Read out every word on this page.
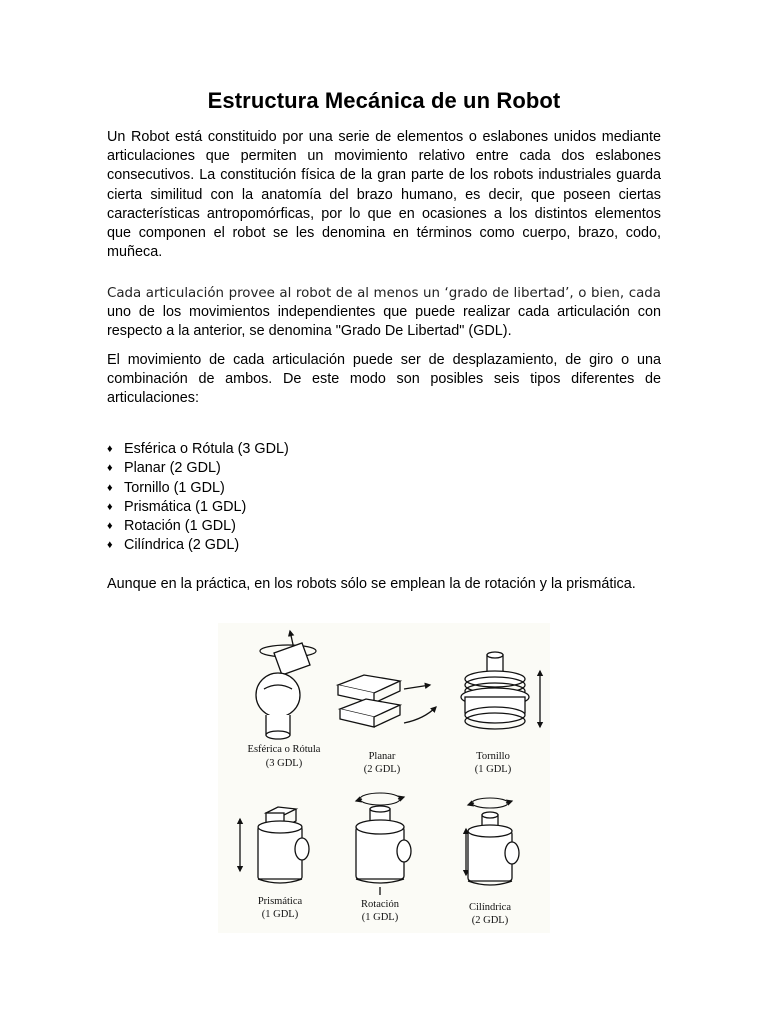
Estructura Mecánica de un Robot

Un Robot está constituido por una serie de elementos o eslabones unidos mediante
articulaciones que permiten un movimiento relativo entre cada dos eslabones
consecutivos. La constitución física de la gran parte de los robots industriales guarda
cierta similitud con la anatomía del brazo humano, es decir, que poseen ciertas
características antropomórficas, por lo que en ocasiones a los distintos elementos
que componen el robot se les denomina en términos como cuerpo, brazo, codo,
muñeca.

Cada articulación provee al robot de al menos un ‘grado de libertad’, o bien, cada
uno de los movimientos independientes que puede realizar cada articulación con
respecto a la anterior, se denomina "Grado De Libertad" (GDL).

El movimiento de cada articulación puede ser de desplazamiento, de giro o una
combinación de ambos. De este modo son posibles seis tipos diferentes de
articulaciones:

♦ Esférica o Rótula (3 GDL)
♦ Planar (2 GDL)
♦ Tornillo (1 GDL)
♦ Prismática (1 GDL)
♦ Rotación (1 GDL)
♦ Cilíndrica (2 GDL)

Aunque en la práctica, en los robots sólo se emplean la de rotación y la prismática.

Esférica o Rótula
(3 GDL)
Planar
(2 GDL)
Tornillo
(1 GDL)
Prismática
(1 GDL)
Rotación
(1 GDL)
Cilíndrica
(2 GDL)
